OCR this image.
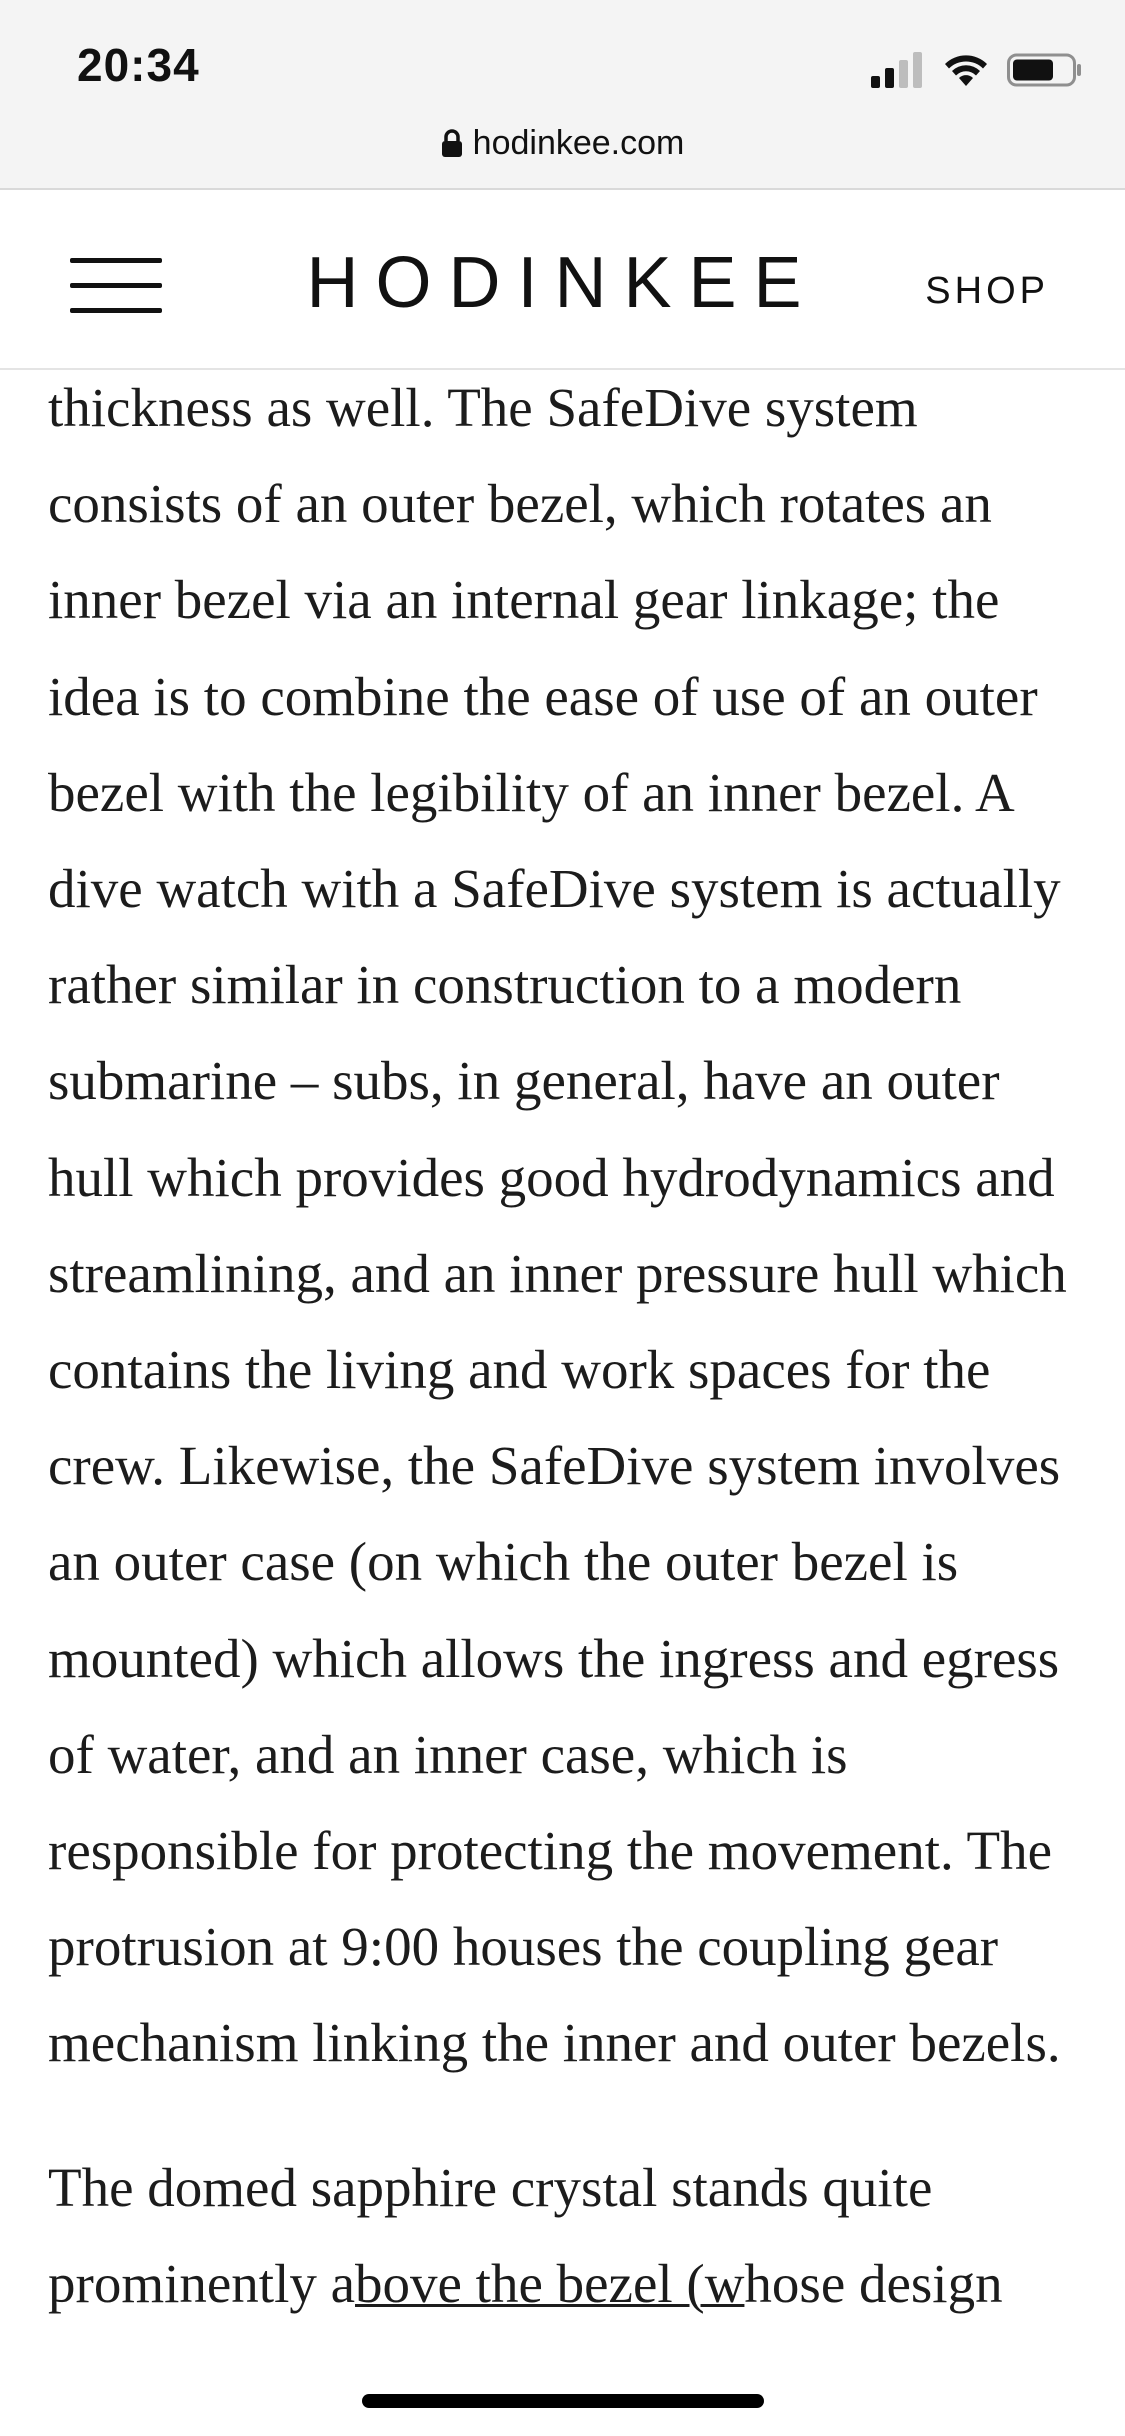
20:34
hodinkee.com
HODINKEE	SHOP

thickness as well. The SafeDive system consists of an outer bezel, which rotates an inner bezel via an internal gear linkage; the idea is to combine the ease of use of an outer bezel with the legibility of an inner bezel. A dive watch with a SafeDive system is actually rather similar in construction to a modern submarine – subs, in general, have an outer hull which provides good hydrodynamics and streamlining, and an inner pressure hull which contains the living and work spaces for the crew. Likewise, the SafeDive system involves an outer case (on which the outer bezel is mounted) which allows the ingress and egress of water, and an inner case, which is responsible for protecting the movement. The protrusion at 9:00 houses the coupling gear mechanism linking the inner and outer bezels.

The domed sapphire crystal stands quite prominently above the bezel (whose design
